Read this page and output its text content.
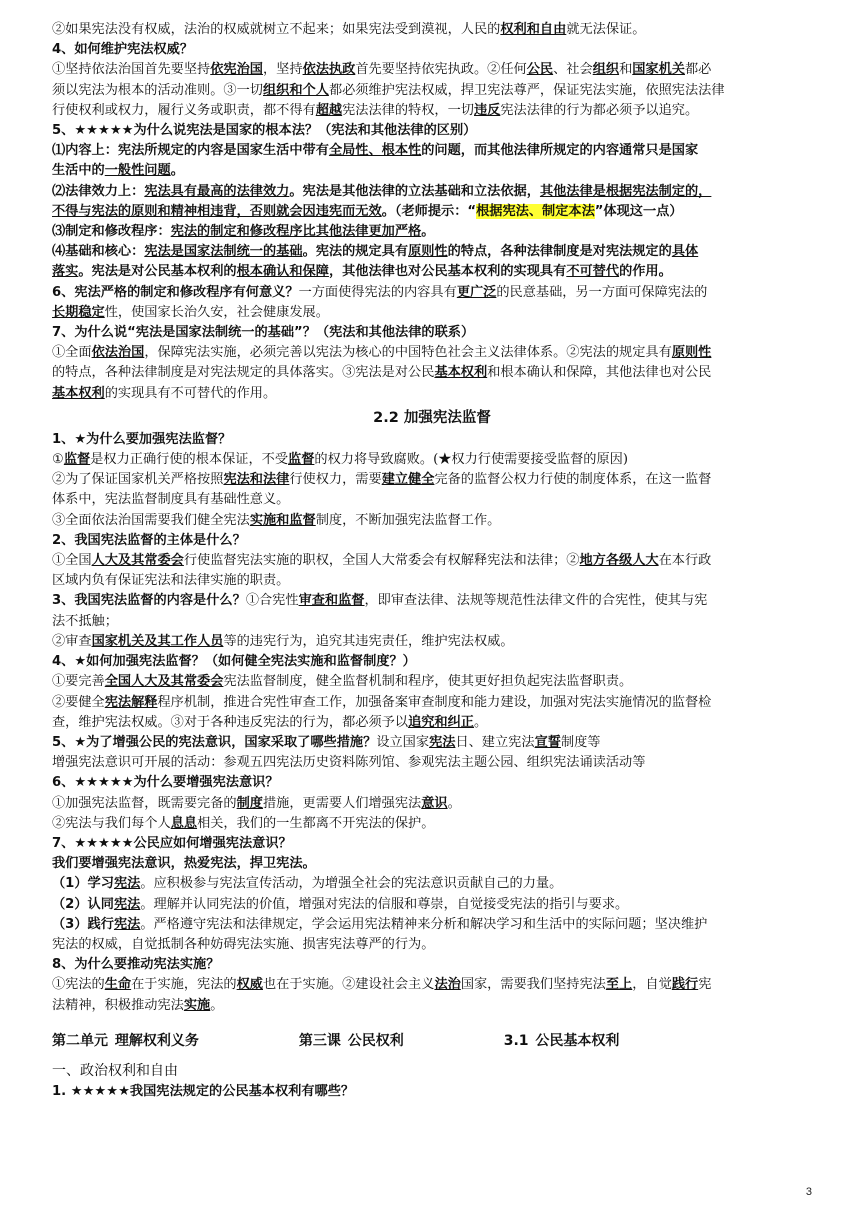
②如果宪法没有权威，法治的权威就树立不起来；如果宪法受到漠视，人民的权利和自由就无法保证。
4、如何维护宪法权威？
①坚持依法治国首先要坚持依宪治国，坚持依法执政首先要坚持依宪执政。②任何公民、社会组织和国家机关都必
须以宪法为根本的活动准则。③一切组织和个人都必须维护宪法权威，捍卫宪法尊严，保证宪法实施，依照宪法法律
行使权利或权力，履行义务或职责，都不得有超越宪法法律的特权，一切违反宪法法律的行为都必须予以追究。
5、★★★★★为什么说宪法是国家的根本法？（宪法和其他法律的区别）
⑴内容上：宪法所规定的内容是国家生活中带有全局性、根本性的问题，而其他法律所规定的内容通常只是国家
生活中的一般性问题。
⑵法律效力上：宪法具有最高的法律效力。宪法是其他法律的立法基础和立法依据，其他法律是根据宪法制定的，
不得与宪法的原则和精神相违背，否则就会因违宪而无效。（老师提示：“根据宪法、制定本法”体现这一点）
⑶制定和修改程序：宪法的制定和修改程序比其他法律更加严格。
⑷基础和核心：宪法是国家法制统一的基础。宪法的规定具有原则性的特点，各种法律制度是对宪法规定的具体
落实。宪法是对公民基本权利的根本确认和保障，其他法律也对公民基本权利的实现具有不可替代的作用。
6、宪法严格的制定和修改程序有何意义？一方面使得宪法的内容具有更广泛的民意基础，另一方面可保障宪法的
长期稳定性，使国家长治久安，社会健康发展。
7、为什么说“宪法是国家法制统一的基础”？（宪法和其他法律的联系）
①全面依法治国，保障宪法实施，必须完善以宪法为核心的中国特色社会主义法律体系。②宪法的规定具有原则性
的特点，各种法律制度是对宪法规定的具体落实。③宪法是对公民基本权利和根本确认和保障，其他法律也对公民
基本权利的实现具有不可替代的作用。
2.2 加强宪法监督
1、★为什么要加强宪法监督？
①监督是权力正确行使的根本保证，不受监督的权力将导致腐败。(★权力行使需要接受监督的原因)
②为了保证国家机关严格按照宪法和法律行使权力，需要建立健全完备的监督公权力行使的制度体系，在这一监督
体系中，宪法监督制度具有基础性意义。
③全面依法治国需要我们健全宪法实施和监督制度，不断加强宪法监督工作。
2、我国宪法监督的主体是什么？
①全国人大及其常委会行使监督宪法实施的职权，全国人大常委会有权解释宪法和法律；②地方各级人大在本行政
区域内负有保证宪法和法律实施的职责。
3、我国宪法监督的内容是什么？①合宪性审查和监督，即审查法律、法规等规范性法律文件的合宪性，使其与宪
法不抵触；
②审查国家机关及其工作人员等的违宪行为，追究其违宪责任，维护宪法权威。
4、★如何加强宪法监督？（如何健全宪法实施和监督制度？）
①要完善全国人大及其常委会宪法监督制度，健全监督机制和程序，使其更好担负起宪法监督职责。
②要健全宪法解释程序机制，推进合宪性审查工作，加强备案审查制度和能力建设，加强对宪法实施情况的监督检
查，维护宪法权威。③对于各种违反宪法的行为，都必须予以追究和纠正。
5、★为了增强公民的宪法意识，国家采取了哪些措施？设立国家宪法日、建立宪法宣誓制度等
增强宪法意识可开展的活动：参观五四宪法历史资料陈列馆、参观宪法主题公园、组织宪法诵读活动等
6、★★★★★为什么要增强宪法意识？
①加强宪法监督，既需要完备的制度措施，更需要人们增强宪法意识。
②宪法与我们每个人息息相关，我们的一生都离不开宪法的保护。
7、★★★★★公民应如何增强宪法意识？
我们要增强宪法意识，热爱宪法，捍卫宪法。
（1）学习宪法。应积极参与宪法宣传活动，为增强全社会的宪法意识贡献自己的力量。
（2）认同宪法。理解并认同宪法的价值，增强对宪法的信服和尊崇，自觉接受宪法的指引与要求。
（3）践行宪法。严格遵守宪法和法律规定，学会运用宪法精神来分析和解决学习和生活中的实际问题；坚决维护
宪法的权威，自觉抵制各种妨碍宪法实施、损害宪法尊严的行为。
8、为什么要推动宪法实施？
①宪法的生命在于实施，宪法的权威也在于实施。②建设社会主义法治国家，需要我们坚持宪法至上，自觉践行宪
法精神，积极推动宪法实施。
第二单元 理解权利义务	第三课 公民权利	3.1 公民基本权利
一、政治权利和自由
1. ★★★★★我国宪法规定的公民基本权利有哪些？
3
